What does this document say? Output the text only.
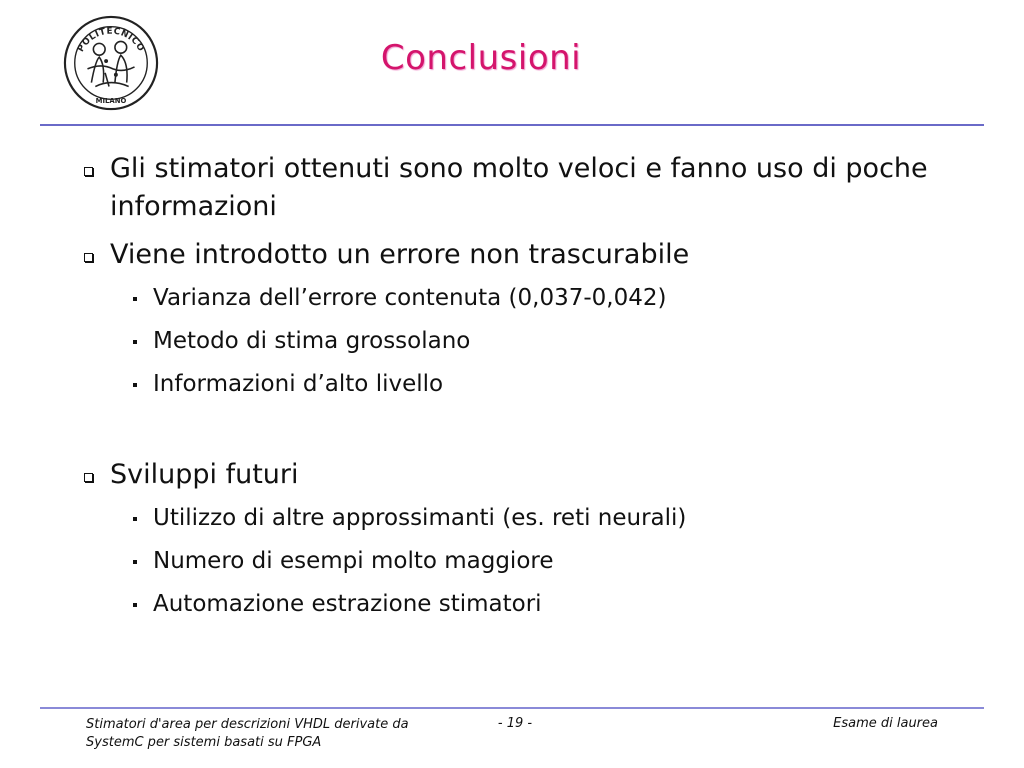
POLITECNICO
MILANO
Conclusioni
Gli stimatori ottenuti sono molto veloci e fanno uso di poche informazioni
Viene introdotto un errore non trascurabile
Varianza dell’errore contenuta (0,037-0,042)
Metodo di stima grossolano
Informazioni d’alto livello
Sviluppi futuri
Utilizzo di altre approssimanti (es. reti neurali)
Numero di esempi molto maggiore
Automazione estrazione stimatori
Stimatori d'area per descrizioni VHDL derivate da
SystemC per sistemi basati su FPGA
- 19 -	Esame di laurea
